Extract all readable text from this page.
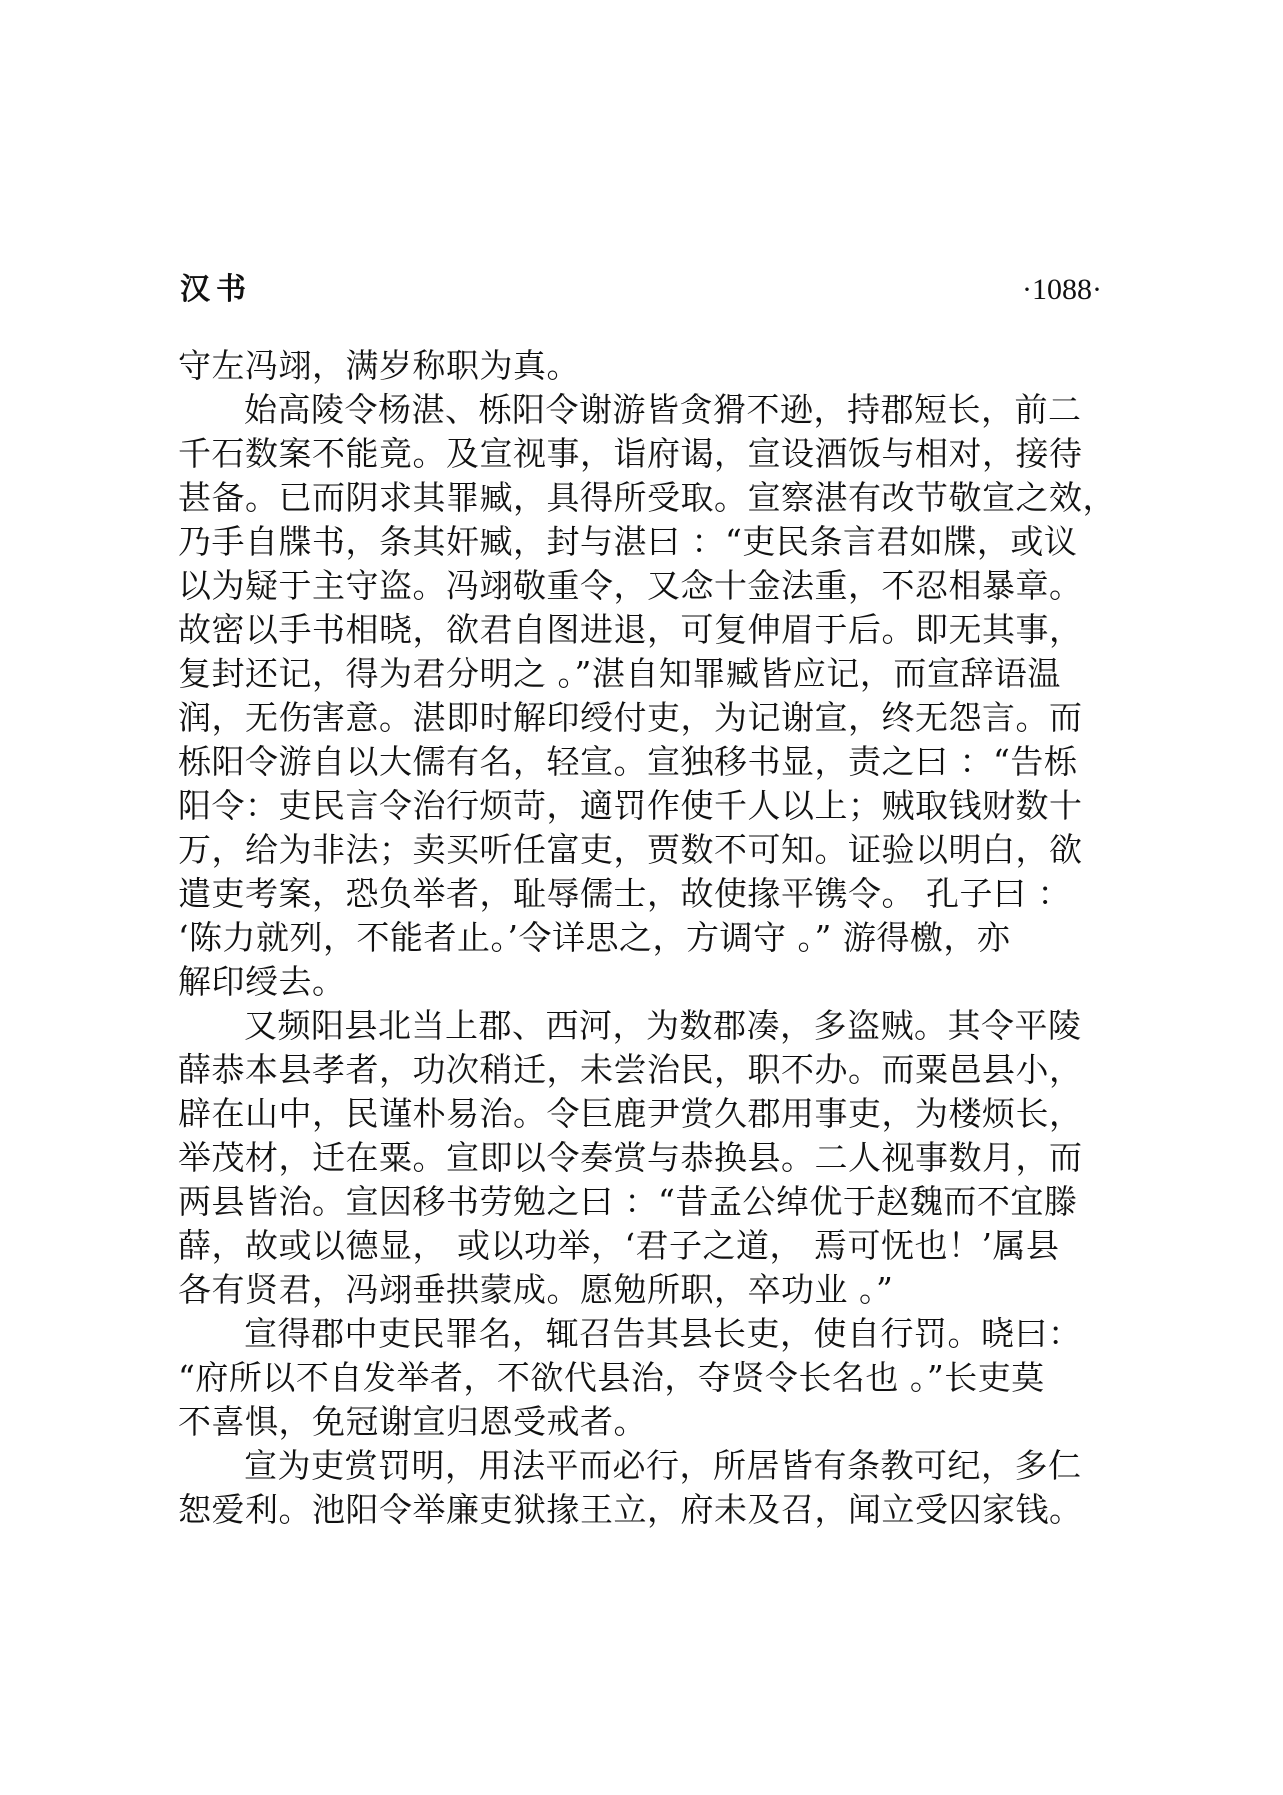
汉书	·1088·
守左冯翊，满岁称职为真。
始高陵令杨湛、栎阳令谢游皆贪猾不逊，持郡短长，前二
千石数案不能竟。及宣视事，诣府谒，宣设酒饭与相对，接待
甚备。已而阴求其罪臧，具得所受取。宣察湛有改节敬宣之效，
乃手自牒书，条其奸臧，封与湛曰 ：“吏民条言君如牒，或议
以为疑于主守盗。冯翊敬重令，又念十金法重，不忍相暴章。
故密以手书相晓，欲君自图进退，可复伸眉于后。即无其事，
复封还记，得为君分明之 。”湛自知罪臧皆应记，而宣辞语温
润，无伤害意。湛即时解印绶付吏，为记谢宣，终无怨言。而
栎阳令游自以大儒有名，轻宣。宣独移书显，责之曰 ：“告栎
阳令：吏民言令治行烦苛，適罚作使千人以上；贼取钱财数十
万，给为非法；卖买听任富吏，贾数不可知。证验以明白，欲
遣吏考案，恐负举者，耻辱儒士，故使掾平镌令。 孔子曰 ：
‘陈力就列，不能者止。’令详思之，方调守 。” 游得檄，亦
解印绶去。
又频阳县北当上郡、西河，为数郡凑，多盗贼。其令平陵
薛恭本县孝者，功次稍迁，未尝治民，职不办。而粟邑县小，
辟在山中，民谨朴易治。令巨鹿尹赏久郡用事吏，为楼烦长，
举茂材，迁在粟。宣即以令奏赏与恭换县。二人视事数月，而
两县皆治。宣因移书劳勉之曰 ：“昔孟公绰优于赵魏而不宜滕
薛，故或以德显， 或以功举，‘君子之道， 焉可怃也！’属县
各有贤君，冯翊垂拱蒙成。愿勉所职，卒功业 。”
宣得郡中吏民罪名，辄召告其县长吏，使自行罚。晓曰：
“府所以不自发举者，不欲代县治，夺贤令长名也 。”长吏莫
不喜惧，免冠谢宣归恩受戒者。
宣为吏赏罚明，用法平而必行，所居皆有条教可纪，多仁
恕爱利。池阳令举廉吏狱掾王立，府未及召，闻立受囚家钱。
